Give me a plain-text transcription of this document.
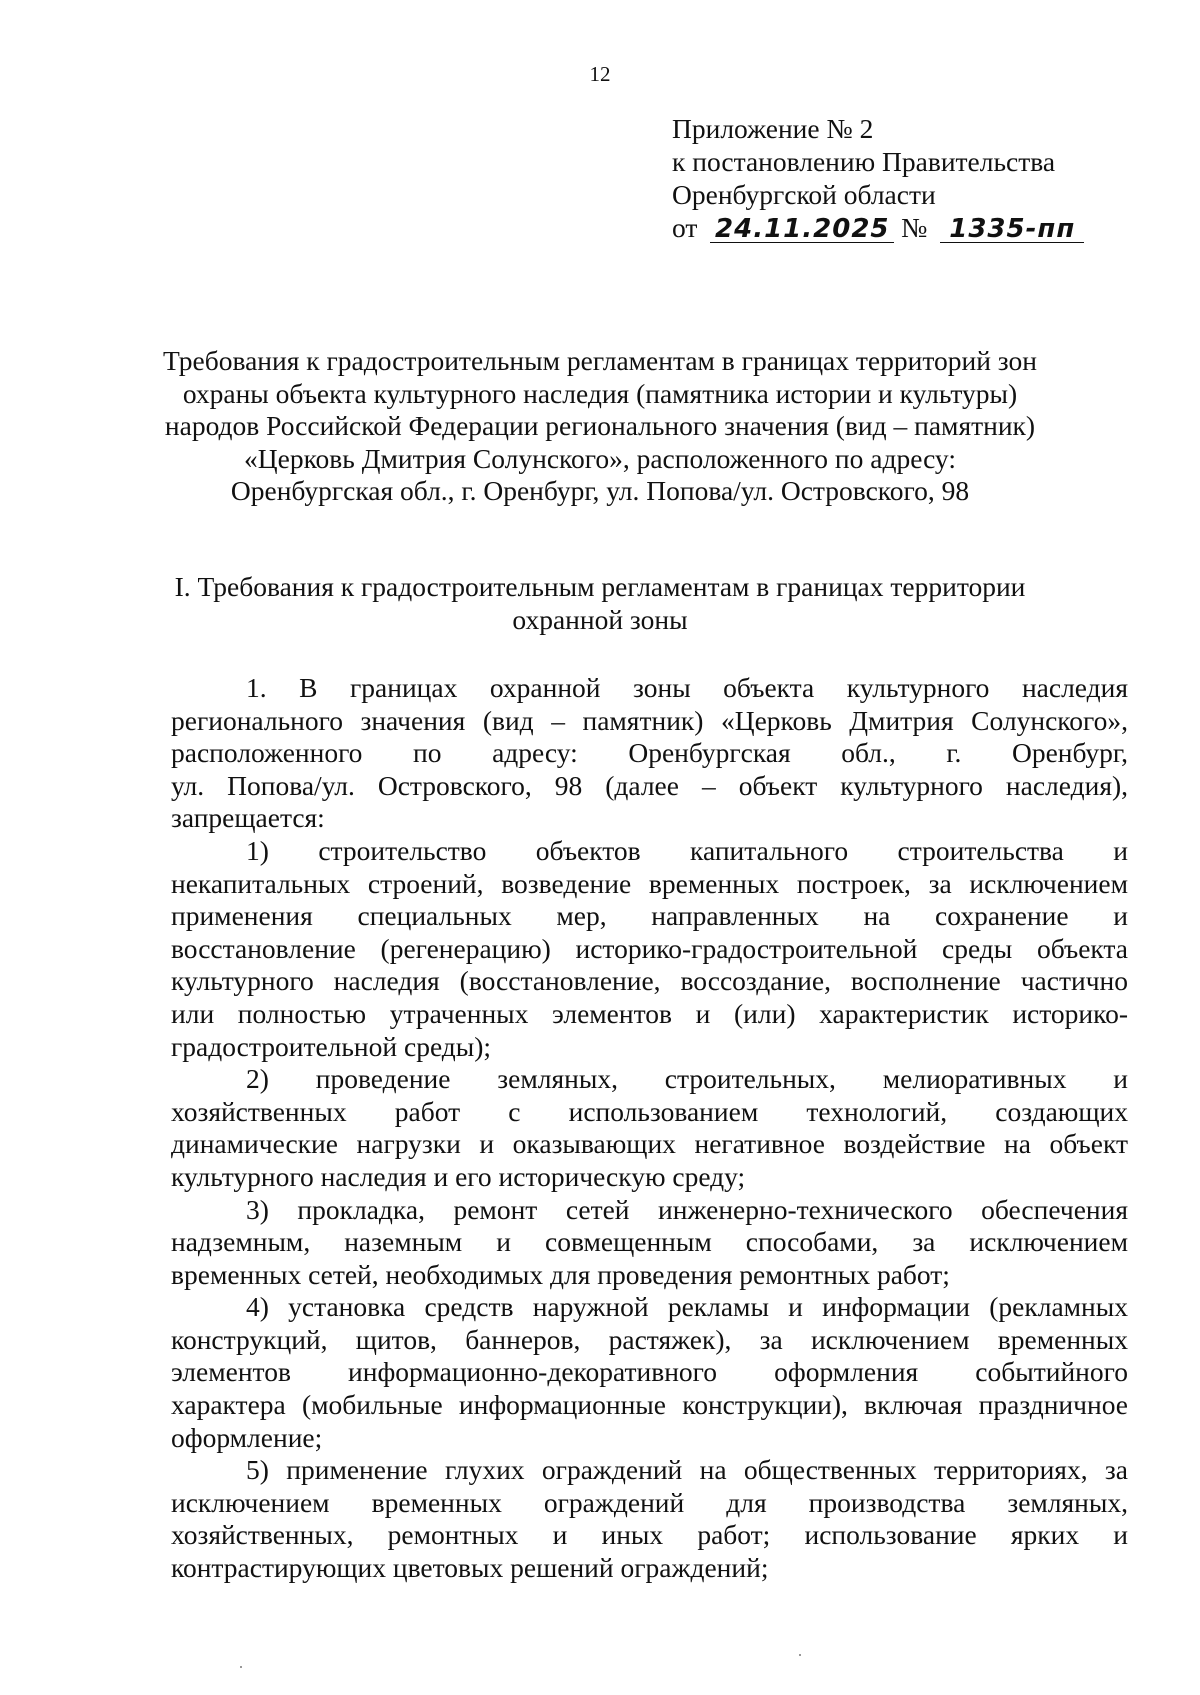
12
Приложение № 2
к постановлению Правительства
Оренбургской области
от 24.11.2025 № 1335-пп
Требования к градостроительным регламентам в границах территорий зон
охраны объекта культурного наследия (памятника истории и культуры)
народов Российской Федерации регионального значения (вид – памятник)
«Церковь Дмитрия Солунского», расположенного по адресу:
Оренбургская обл., г. Оренбург, ул. Попова/ул. Островского, 98
I. Требования к градостроительным регламентам в границах территории
охранной зоны
1. В границах охранной зоны объекта культурного наследия
регионального значения (вид – памятник) «Церковь Дмитрия Солунского»,
расположенного по адресу: Оренбургская обл., г. Оренбург,
ул. Попова/ул. Островского, 98 (далее – объект культурного наследия),
запрещается:
1) строительство объектов капитального строительства и
некапитальных строений, возведение временных построек, за исключением
применения специальных мер, направленных на сохранение и
восстановление (регенерацию) историко-градостроительной среды объекта
культурного наследия (восстановление, воссоздание, восполнение частично
или полностью утраченных элементов и (или) характеристик историко-
градостроительной среды);
2) проведение земляных, строительных, мелиоративных и
хозяйственных работ с использованием технологий, создающих
динамические нагрузки и оказывающих негативное воздействие на объект
культурного наследия и его историческую среду;
3) прокладка, ремонт сетей инженерно-технического обеспечения
надземным, наземным и совмещенным способами, за исключением
временных сетей, необходимых для проведения ремонтных работ;
4) установка средств наружной рекламы и информации (рекламных
конструкций, щитов, баннеров, растяжек), за исключением временных
элементов информационно-декоративного оформления событийного
характера (мобильные информационные конструкции), включая праздничное
оформление;
5) применение глухих ограждений на общественных территориях, за
исключением временных ограждений для производства земляных,
хозяйственных, ремонтных и иных работ; использование ярких и
контрастирующих цветовых решений ограждений;
